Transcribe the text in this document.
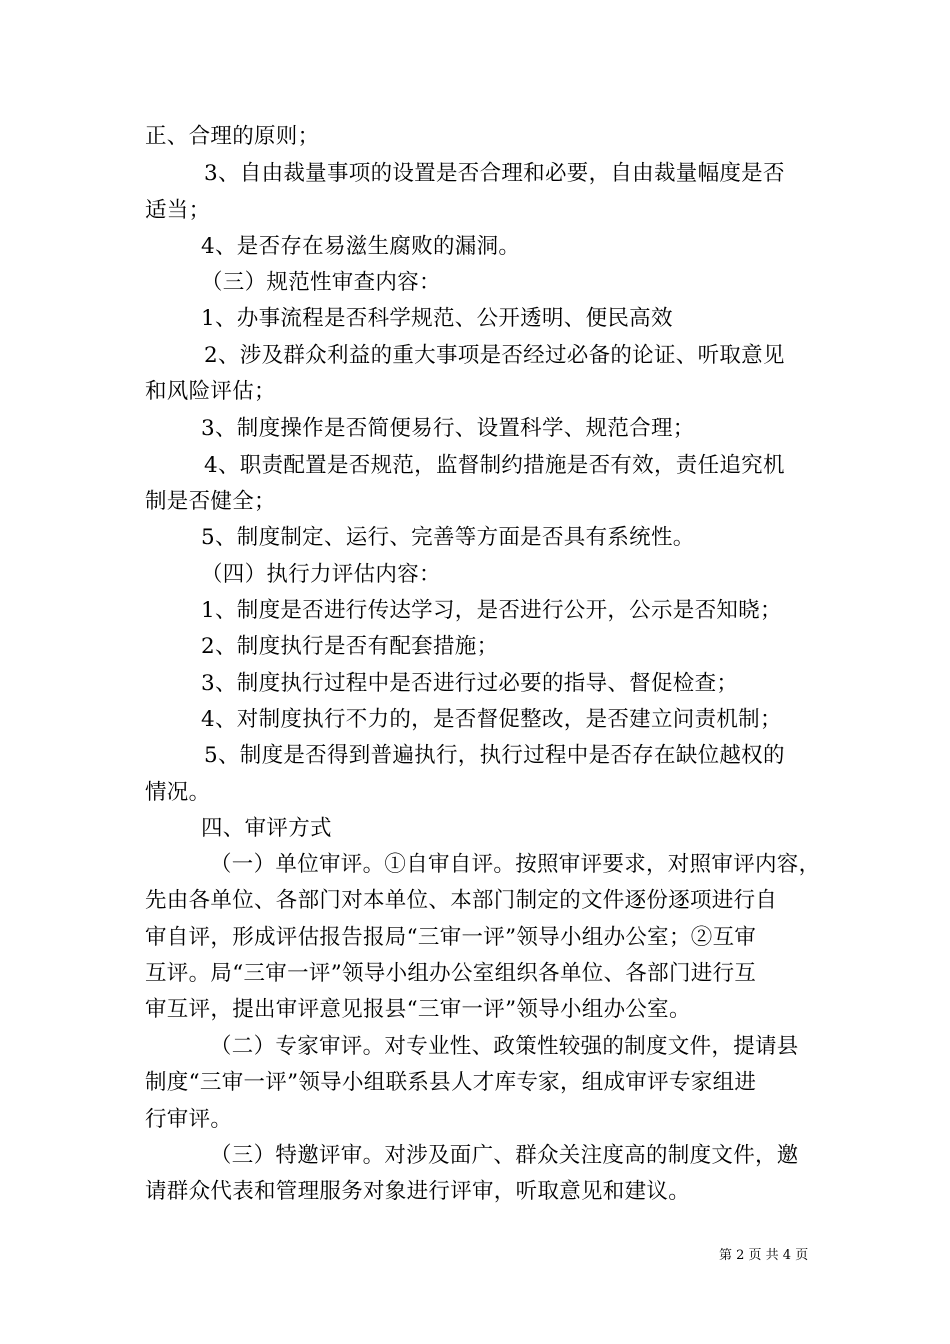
正、合理的原则；
3、自由裁量事项的设置是否合理和必要，自由裁量幅度是否
适当；
4、是否存在易滋生腐败的漏洞。
（三）规范性审查内容：
1、办事流程是否科学规范、公开透明、便民高效
2、涉及群众利益的重大事项是否经过必备的论证、听取意见
和风险评估；
3、制度操作是否简便易行、设置科学、规范合理；
4、职责配置是否规范，监督制约措施是否有效，责任追究机
制是否健全；
5、制度制定、运行、完善等方面是否具有系统性。
（四）执行力评估内容：
1、制度是否进行传达学习，是否进行公开，公示是否知晓；
2、制度执行是否有配套措施；
3、制度执行过程中是否进行过必要的指导、督促检查；
4、对制度执行不力的，是否督促整改，是否建立问责机制；
5、制度是否得到普遍执行，执行过程中是否存在缺位越权的
情况。
四、审评方式
（一）单位审评。①自审自评。按照审评要求，对照审评内容，
先由各单位、各部门对本单位、本部门制定的文件逐份逐项进行自
审自评，形成评估报告报局“三审一评”领导小组办公室；②互审
互评。局“三审一评”领导小组办公室组织各单位、各部门进行互
审互评，提出审评意见报县“三审一评”领导小组办公室。
（二）专家审评。对专业性、政策性较强的制度文件，提请县
制度“三审一评”领导小组联系县人才库专家，组成审评专家组进
行审评。
（三）特邀评审。对涉及面广、群众关注度高的制度文件，邀
请群众代表和管理服务对象进行评审，听取意见和建议。
第 2 页 共 4 页
